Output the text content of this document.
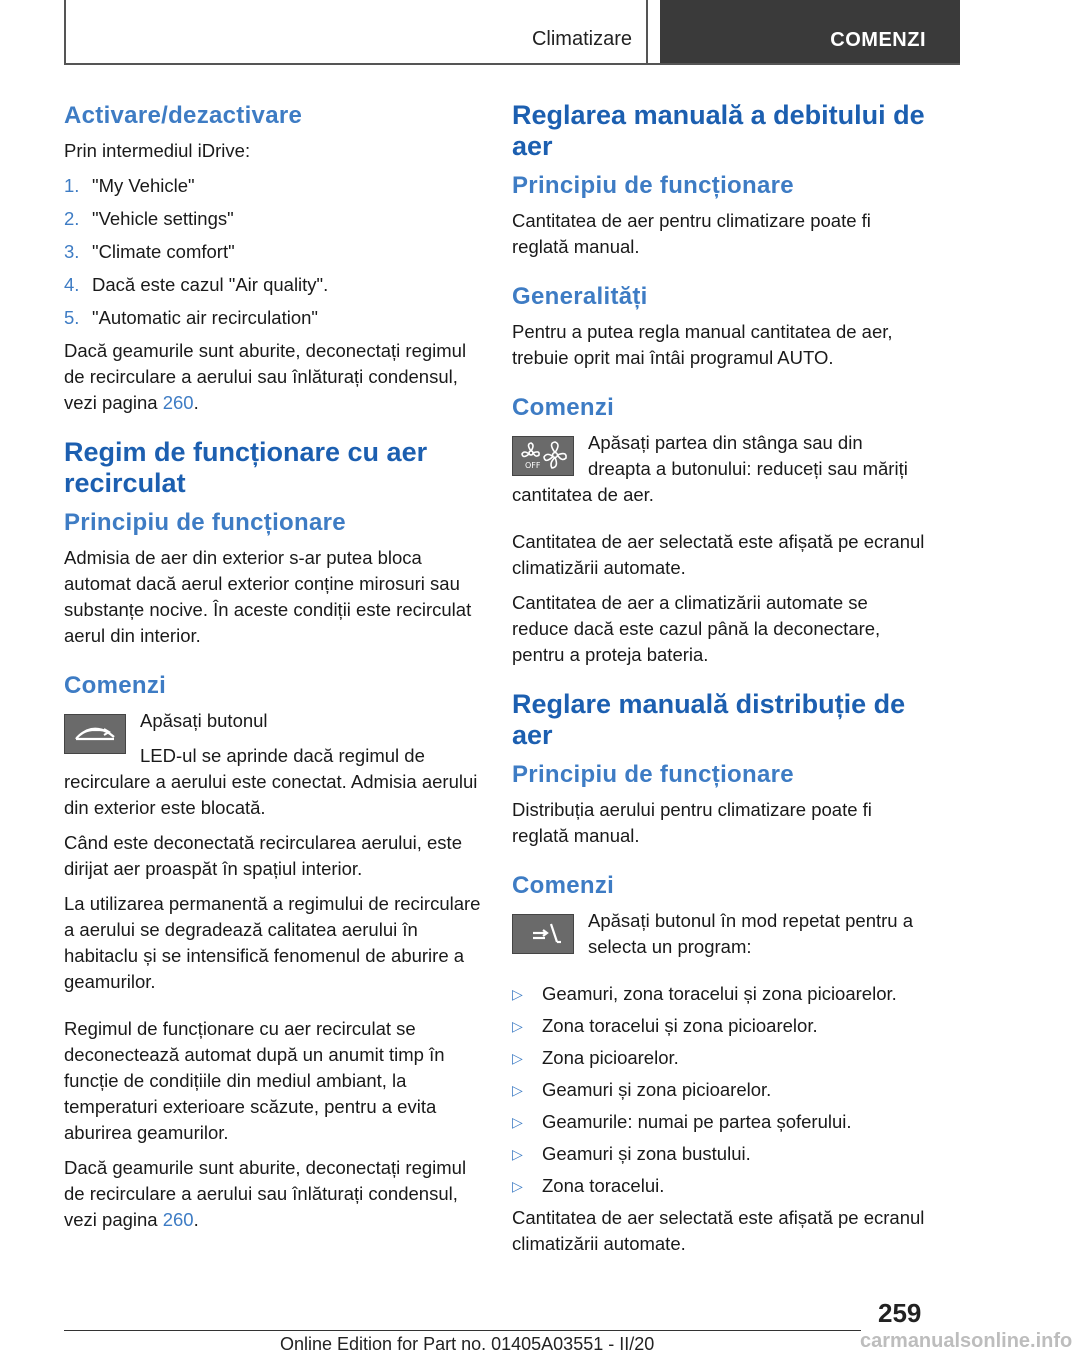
Climatizare	COMENZI
Activare/dezactivare

Prin intermediul iDrive:

1. "My Vehicle"
2. "Vehicle settings"
3. "Climate comfort"
4. Dacă este cazul "Air quality".
5. "Automatic air recirculation"

Dacă geamurile sunt aburite, deconectați regimul de recirculare a aerului sau înlăturați condensul, vezi pagina 260.

Regim de funcționare cu aer recirculat
Principiu de funcționare

Admisia de aer din exterior s-ar putea bloca automat dacă aerul exterior conține mirosuri sau substanțe nocive. În aceste condiții este recirculat aerul din interior.

Comenzi

Apăsați butonul

LED-ul se aprinde dacă regimul de recirculare a aerului este conectat. Admisia aerului din exterior este blocată.

Când este deconectată recircularea aerului, este dirijat aer proaspăt în spațiul interior.

La utilizarea permanentă a regimului de recirculare a aerului se degradează calitatea aerului în habitaclu și se intensifică fenomenul de aburire a geamurilor.

Regimul de funcționare cu aer recirculat se deconectează automat după un anumit timp în funcție de condițiile din mediul ambiant, la temperaturi exterioare scăzute, pentru a evita aburirea geamurilor.

Dacă geamurile sunt aburite, deconectați regimul de recirculare a aerului sau înlăturați condensul, vezi pagina 260.

Reglarea manuală a debitului de aer
Principiu de funcționare

Cantitatea de aer pentru climatizare poate fi reglată manual.

Generalități

Pentru a putea regla manual cantitatea de aer, trebuie oprit mai întâi programul AUTO.

Comenzi
OFF

Apăsați partea din stânga sau din dreapta a butonului: reduceți sau măriți cantitatea de aer.

Cantitatea de aer selectată este afișată pe ecranul climatizării automate.

Cantitatea de aer a climatizării automate se reduce dacă este cazul până la deconectare, pentru a proteja bateria.

Reglare manuală distribuție de aer
Principiu de funcționare

Distribuția aerului pentru climatizare poate fi reglată manual.

Comenzi

Apăsați butonul în mod repetat pentru a selecta un program:

▷	Geamuri, zona toracelui și zona picioarelor.
▷	Zona toracelui și zona picioarelor.
▷	Zona picioarelor.
▷	Geamuri și zona picioarelor.
▷	Geamurile: numai pe partea șoferului.
▷	Geamuri și zona bustului.
▷	Zona toracelui.

Cantitatea de aer selectată este afișată pe ecranul climatizării automate.

259
Online Edition for Part no. 01405A03551 - II/20	carmanualsonline.info
